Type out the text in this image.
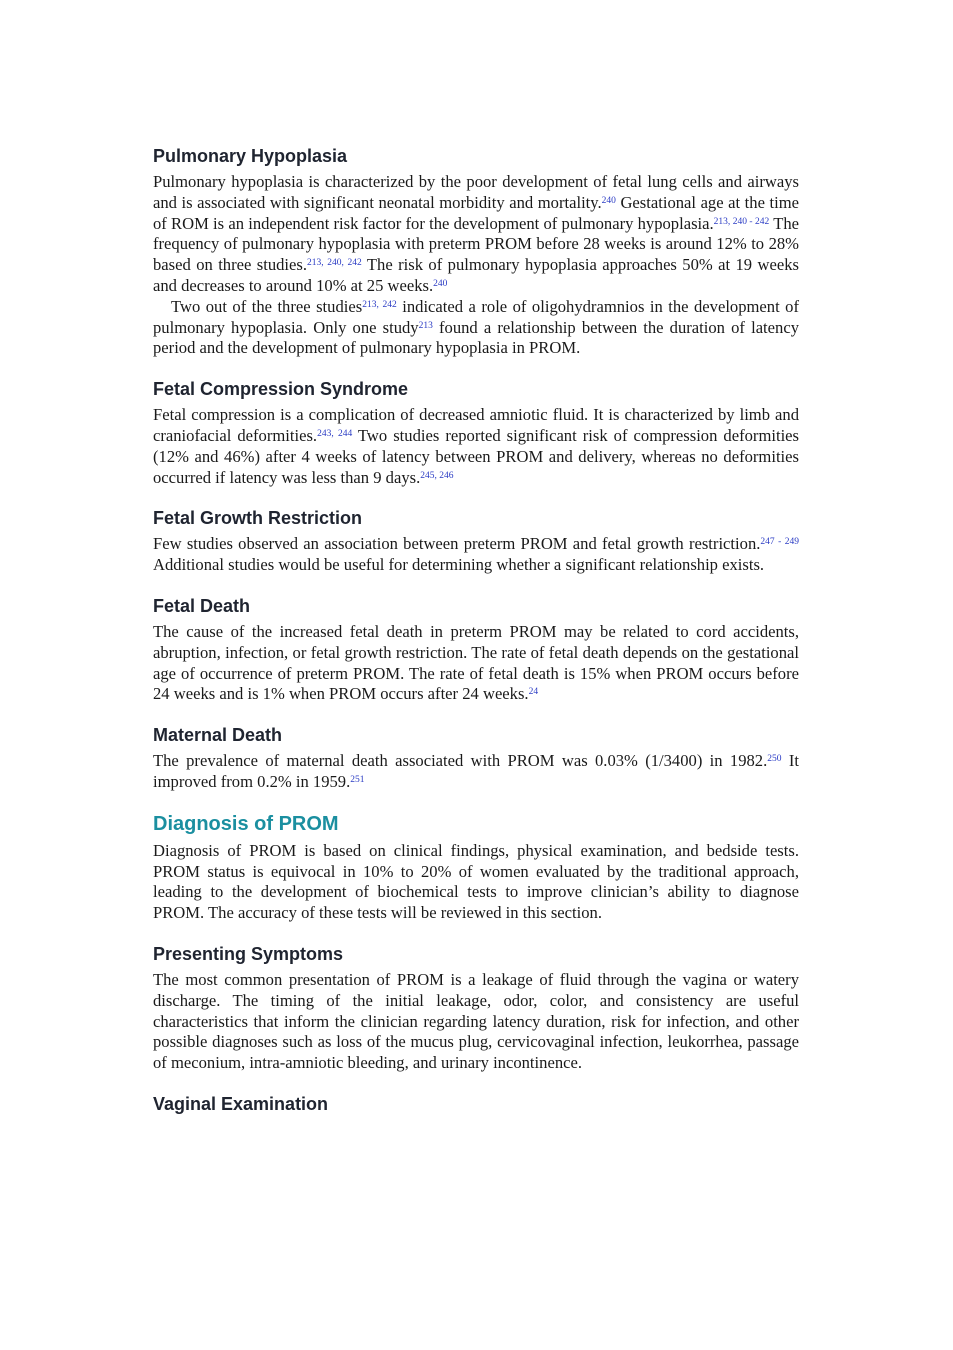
Pulmonary Hypoplasia

Pulmonary hypoplasia is characterized by the poor development of fetal lung cells and airways and is associated with significant neonatal morbidity and mortality.$^{240}$ Gestational age at the time of ROM is an independent risk factor for the development of pulmonary hypoplasia.$^{213, 240 - 242}$ The frequency of pulmonary hypoplasia with preterm PROM before 28 weeks is around 12% to 28% based on three studies.$^{213, 240, 242}$ The risk of pulmonary hypoplasia approaches 50% at 19 weeks and decreases to around 10% at 25 weeks.$^{240}$

Two out of the three studies$^{213, 242}$ indicated a role of oligohydramnios in the development of pulmonary hypoplasia. Only one study$^{213}$ found a relationship between the duration of latency period and the development of pulmonary hypoplasia in PROM.

Fetal Compression Syndrome

Fetal compression is a complication of decreased amniotic fluid. It is characterized by limb and craniofacial deformities.$^{243, 244}$ Two studies reported significant risk of compression deformities (12% and 46%) after 4 weeks of latency between PROM and delivery, whereas no deformities occurred if latency was less than 9 days.$^{245, 246}$

Fetal Growth Restriction

Few studies observed an association between preterm PROM and fetal growth restriction.$^{247 - 249}$ Additional studies would be useful for determining whether a significant relationship exists.

Fetal Death

The cause of the increased fetal death in preterm PROM may be related to cord accidents, abruption, infection, or fetal growth restriction. The rate of fetal death depends on the gestational age of occurrence of preterm PROM. The rate of fetal death is 15% when PROM occurs before 24 weeks and is 1% when PROM occurs after 24 weeks.$^{24}$

Maternal Death

The prevalence of maternal death associated with PROM was 0.03% (1/3400) in 1982.$^{250}$ It improved from 0.2% in 1959.$^{251}$

Diagnosis of PROM

Diagnosis of PROM is based on clinical findings, physical examination, and bedside tests. PROM status is equivocal in 10% to 20% of women evaluated by the traditional approach, leading to the development of biochemical tests to improve clinician’s ability to diagnose PROM. The accuracy of these tests will be reviewed in this section.

Presenting Symptoms

The most common presentation of PROM is a leakage of fluid through the vagina or watery discharge. The timing of the initial leakage, odor, color, and consistency are useful characteristics that inform the clinician regarding latency duration, risk for infection, and other possible diagnoses such as loss of the mucus plug, cervicovaginal infection, leukorrhea, passage of meconium, intra-amniotic bleeding, and urinary incontinence.

Vaginal Examination
